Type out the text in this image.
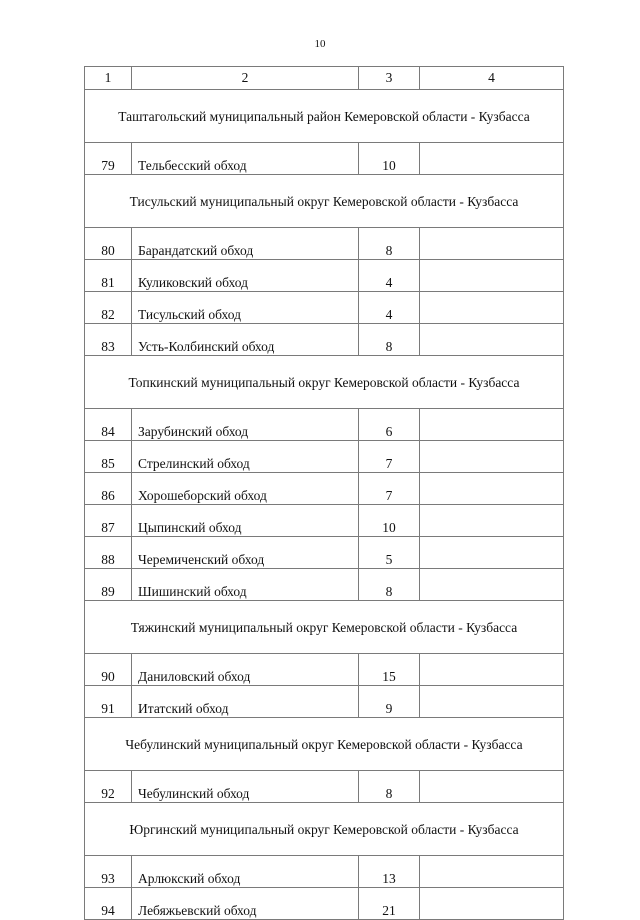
10
1	2	3	4
Таштагольский муниципальный район Кемеровской области - Кузбасса			
79	Тельбесский обход	10	
Тисульский муниципальный округ Кемеровской области - Кузбасса			
80	Барандатский обход	8	
81	Куликовский обход	4	
82	Тисульский обход	4	
83	Усть-Колбинский обход	8	
Топкинский муниципальный округ Кемеровской области - Кузбасса			
84	Зарубинский обход	6	
85	Стрелинский обход	7	
86	Хорошеборский обход	7	
87	Цыпинский обход	10	
88	Черемиченский обход	5	
89	Шишинский обход	8	
Тяжинский муниципальный округ Кемеровской области - Кузбасса			
90	Даниловский обход	15	
91	Итатский обход	9	
Чебулинский муниципальный округ Кемеровской области - Кузбасса			
92	Чебулинский обход	8	
Юргинский муниципальный округ Кемеровской области - Кузбасса			
93	Арлюкский обход	13	
94	Лебяжьевский обход	21	
